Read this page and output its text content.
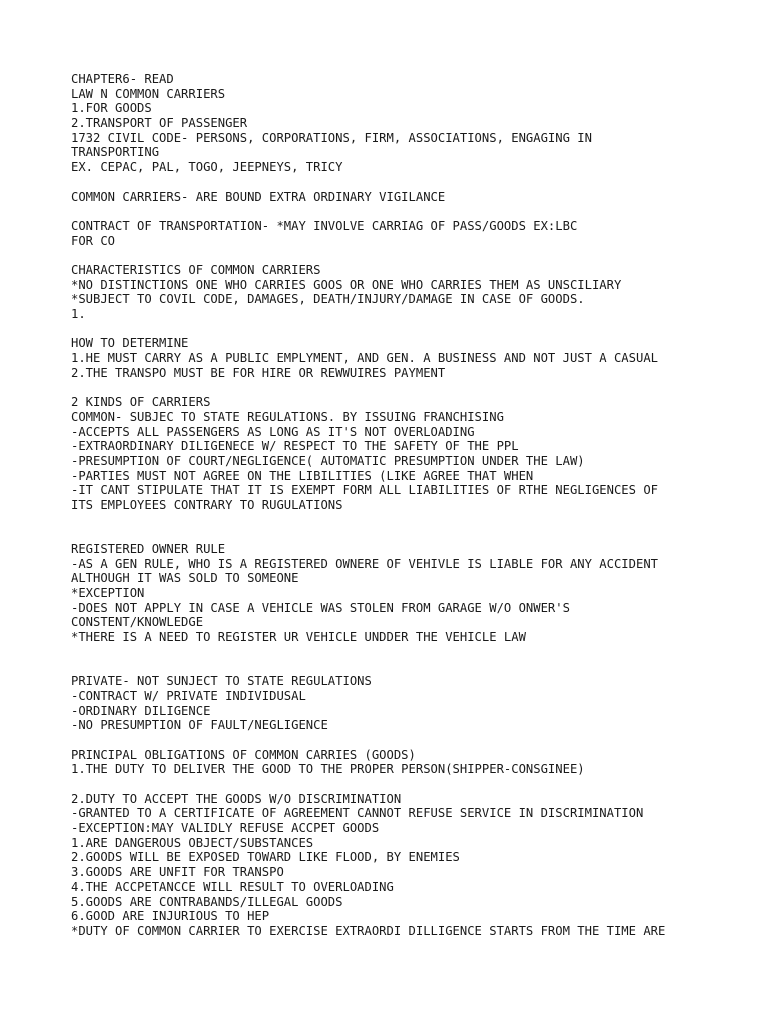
CHAPTER6- READ
LAW N COMMON CARRIERS
1.FOR GOODS
2.TRANSPORT OF PASSENGER
1732 CIVIL CODE- PERSONS, CORPORATIONS, FIRM, ASSOCIATIONS, ENGAGING IN
TRANSPORTING
EX. CEPAC, PAL, TOGO, JEEPNEYS, TRICY
COMMON CARRIERS- ARE BOUND EXTRA ORDINARY VIGILANCE
CONTRACT OF TRANSPORTATION- *MAY INVOLVE CARRIAG OF PASS/GOODS EX:LBC
FOR CO
CHARACTERISTICS OF COMMON CARRIERS
*NO DISTINCTIONS ONE WHO CARRIES GOOS OR ONE WHO CARRIES THEM AS UNSCILIARY
*SUBJECT TO COVIL CODE, DAMAGES, DEATH/INJURY/DAMAGE IN CASE OF GOODS.
1.
HOW TO DETERMINE
1.HE MUST CARRY AS A PUBLIC EMPLYMENT, AND GEN. A BUSINESS AND NOT JUST A CASUAL
2.THE TRANSPO MUST BE FOR HIRE OR REWWUIRES PAYMENT
2 KINDS OF CARRIERS
COMMON- SUBJEC TO STATE REGULATIONS. BY ISSUING FRANCHISING
-ACCEPTS ALL PASSENGERS AS LONG AS IT'S NOT OVERLOADING
-EXTRAORDINARY DILIGENECE W/ RESPECT TO THE SAFETY OF THE PPL
-PRESUMPTION OF COURT/NEGLIGENCE( AUTOMATIC PRESUMPTION UNDER THE LAW)
-PARTIES MUST NOT AGREE ON THE LIBILITIES (LIKE AGREE THAT WHEN
-IT CANT STIPULATE THAT IT IS EXEMPT FORM ALL LIABILITIES OF RTHE NEGLIGENCES OF
ITS EMPLOYEES CONTRARY TO RUGULATIONS
REGISTERED OWNER RULE
-AS A GEN RULE, WHO IS A REGISTERED OWNERE OF VEHIVLE IS LIABLE FOR ANY ACCIDENT
ALTHOUGH IT WAS SOLD TO SOMEONE
*EXCEPTION
-DOES NOT APPLY IN CASE A VEHICLE WAS STOLEN FROM GARAGE W/O ONWER'S
CONSTENT/KNOWLEDGE
*THERE IS A NEED TO REGISTER UR VEHICLE UNDDER THE VEHICLE LAW
PRIVATE- NOT SUNJECT TO STATE REGULATIONS
-CONTRACT W/ PRIVATE INDIVIDUSAL
-ORDINARY DILIGENCE
-NO PRESUMPTION OF FAULT/NEGLIGENCE
PRINCIPAL OBLIGATIONS OF COMMON CARRIES (GOODS)
1.THE DUTY TO DELIVER THE GOOD TO THE PROPER PERSON(SHIPPER-CONSGINEE)
2.DUTY TO ACCEPT THE GOODS W/O DISCRIMINATION
-GRANTED TO A CERTIFICATE OF AGREEMENT CANNOT REFUSE SERVICE IN DISCRIMINATION
-EXCEPTION:MAY VALIDLY REFUSE ACCPET GOODS
1.ARE DANGEROUS OBJECT/SUBSTANCES
2.GOODS WILL BE EXPOSED TOWARD LIKE FLOOD, BY ENEMIES
3.GOODS ARE UNFIT FOR TRANSPO
4.THE ACCPETANCCE WILL RESULT TO OVERLOADING
5.GOODS ARE CONTRABANDS/ILLEGAL GOODS
6.GOOD ARE INJURIOUS TO HEP
*DUTY OF COMMON CARRIER TO EXERCISE EXTRAORDI DILLIGENCE STARTS FROM THE TIME ARE
